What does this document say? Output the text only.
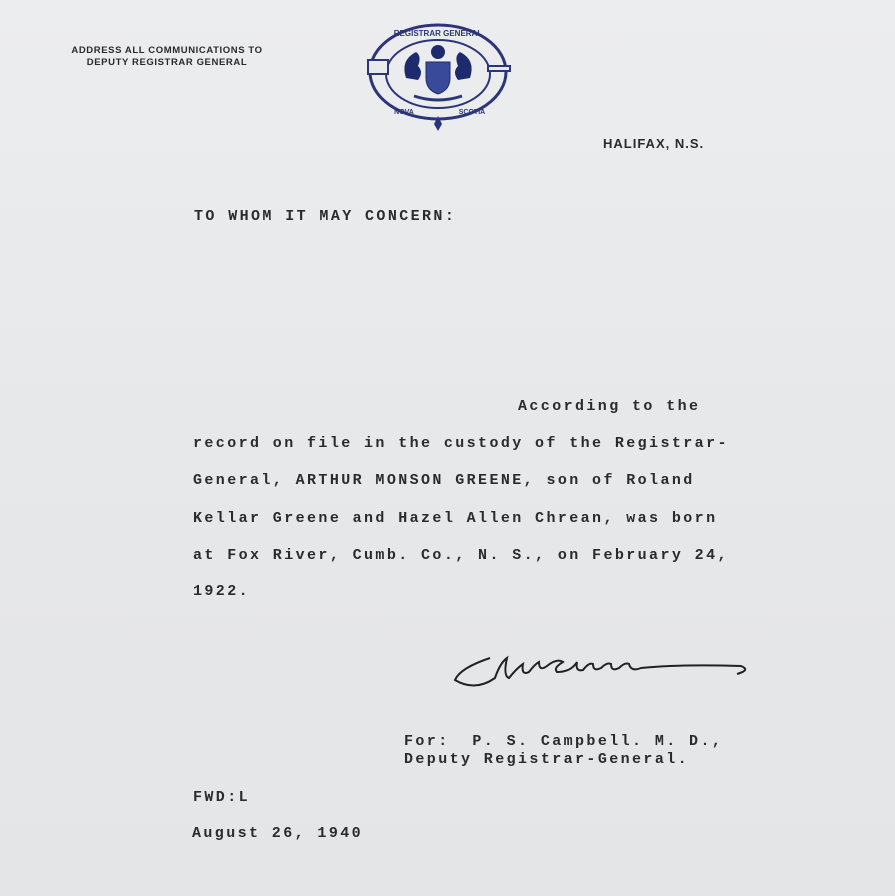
ADDRESS ALL COMMUNICATIONS TO
DEPUTY REGISTRAR GENERAL
REGISTRAR GENERAL
NOVA	SCOTIA
HALIFAX, N.S.
TO WHOM IT MAY CONCERN:
According to the
record on file in the custody of the Registrar-
General, ARTHUR MONSON GREENE, son of Roland
Kellar Greene and Hazel Allen Chrean, was born
at Fox River, Cumb. Co., N. S., on February 24,
1922.
For:  P. S. Campbell. M. D.,
Deputy Registrar-General.
FWD:L
August 26, 1940
